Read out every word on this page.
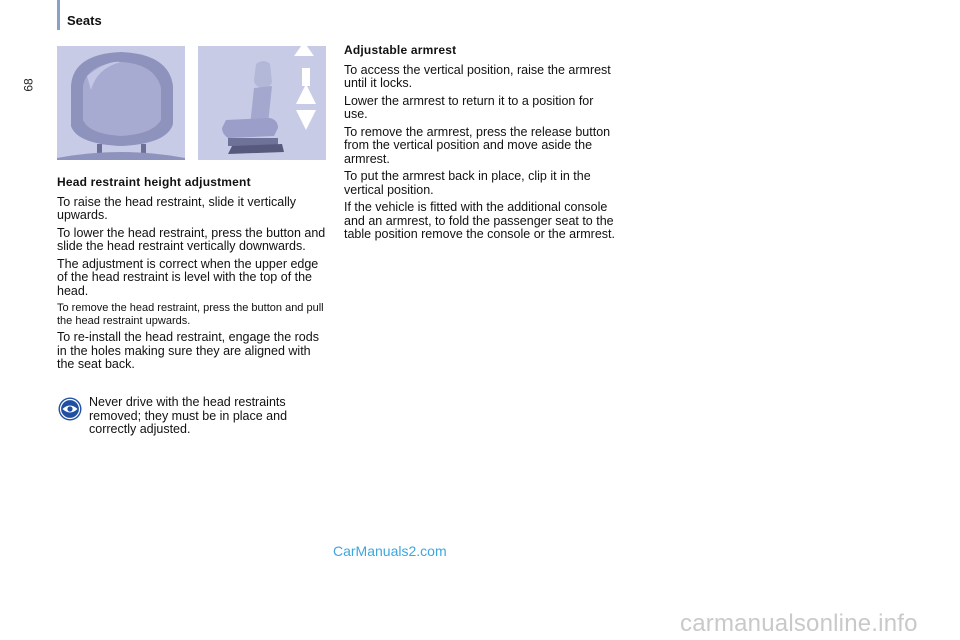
68
Seats
Head restraint height adjustment
To raise the head restraint, slide it vertically upwards.
To lower the head restraint, press the button and slide the head restraint vertically downwards.
The adjustment is correct when the upper edge of the head restraint is level with the top of the head.
To remove the head restraint, press the button and pull the head restraint upwards.
To re-install the head restraint, engage the rods in the holes making sure they are aligned with the seat back.
Never drive with the head restraints removed; they must be in place and correctly adjusted.
Adjustable armrest
To access the vertical position, raise the armrest until it locks.
Lower the armrest to return it to a position for use.
To remove the armrest, press the release button from the vertical position and move aside the armrest.
To put the armrest back in place, clip it in the vertical position.
If the vehicle is fitted with the additional console and an armrest, to fold the passenger seat to the table position remove the console or the armrest.
CarManuals2.com
carmanualsonline.info
